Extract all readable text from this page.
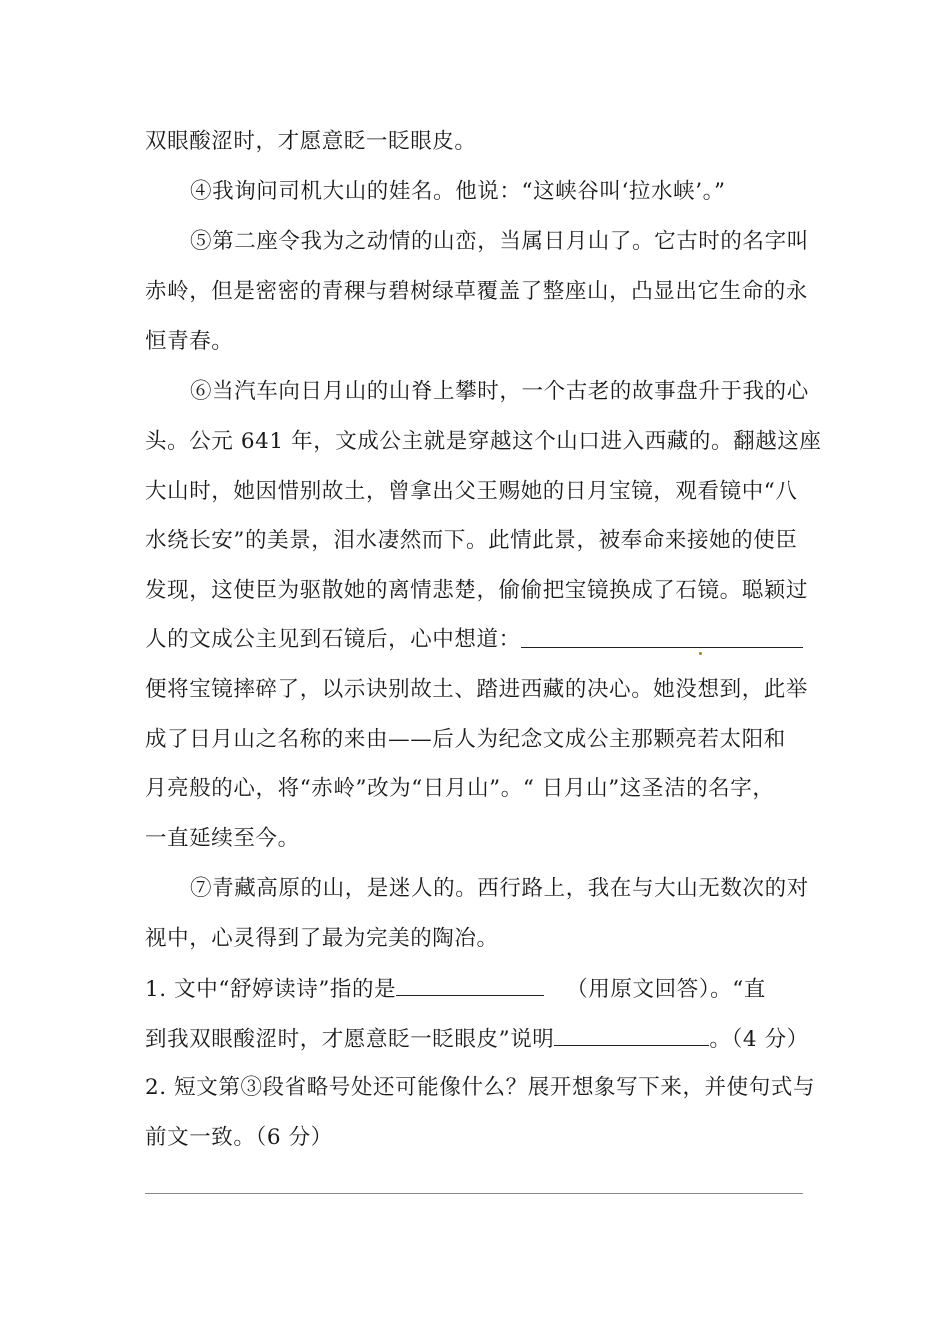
双眼酸涩时，才愿意眨一眨眼皮。
④我询问司机大山的娃名。他说：“这峡谷叫‘拉水峡’。”
⑤第二座令我为之动情的山峦，当属日月山了。它古时的名字叫
赤岭，但是密密的青稞与碧树绿草覆盖了整座山，凸显出它生命的永
恒青春。
⑥当汽车向日月山的山脊上攀时，一个古老的故事盘升于我的心
头。公元 641 年，文成公主就是穿越这个山口进入西藏的。翻越这座
大山时，她因惜别故土，曾拿出父王赐她的日月宝镜，观看镜中“八
水绕长安”的美景，泪水凄然而下。此情此景，被奉命来接她的使臣
发现，这使臣为驱散她的离情悲楚，偷偷把宝镜换成了石镜。聪颖过
人的文成公主见到石镜后，心中想道：
便将宝镜摔碎了，以示诀别故土、踏进西藏的决心。她没想到，此举
成了日月山之名称的来由——后人为纪念文成公主那颗亮若太阳和
月亮般的心，将“赤岭”改为“日月山”。“ 日月山”这圣洁的名字，
一直延续至今。
⑦青藏高原的山，是迷人的。西行路上，我在与大山无数次的对
视中，心灵得到了最为完美的陶冶。
1. 文中“舒婷读诗”指的是	（用原文回答）。“直
到我双眼酸涩时，才愿意眨一眨眼皮”说明	。（4 分）
2. 短文第③段省略号处还可能像什么？展开想象写下来，并使句式与
前文一致。（6 分）
